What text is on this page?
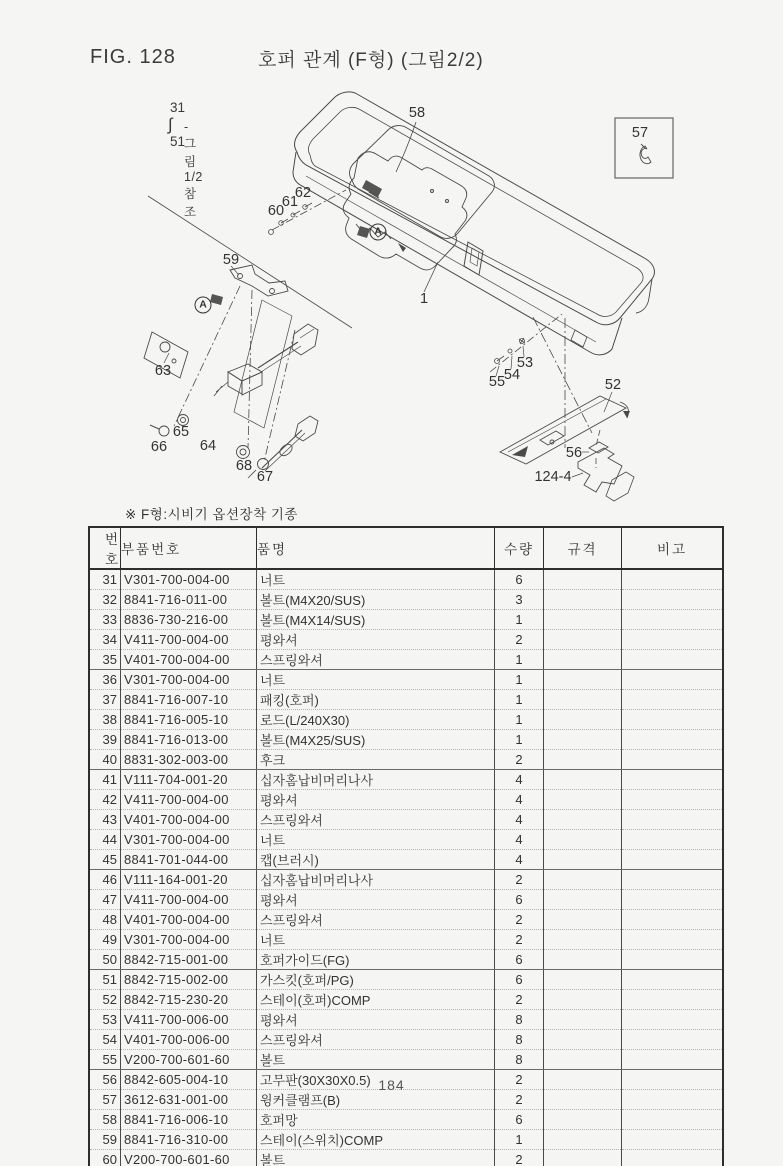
FIG. 128	호퍼 관계 (F형) (그림2/2)
31
∫
51
- 그림1/2참조
58
62
61
60
A
59
A
63
66
65
64
68
67
1
55
54
53
52
56
124-4
57
※ F형:시비기 옵션장착 기종
번호	부품번호	품명	수량	규격	비고
31	V301-700-004-00	너트	6		
32	8841-716-011-00	볼트(M4X20/SUS)	3		
33	8836-730-216-00	볼트(M4X14/SUS)	1		
34	V411-700-004-00	평와셔	2		
35	V401-700-004-00	스프링와셔	1		
36	V301-700-004-00	너트	1		
37	8841-716-007-10	패킹(호퍼)	1		
38	8841-716-005-10	로드(L/240X30)	1		
39	8841-716-013-00	볼트(M4X25/SUS)	1		
40	8831-302-003-00	후크	2		
41	V111-704-001-20	십자홈납비머리나사	4		
42	V411-700-004-00	평와셔	4		
43	V401-700-004-00	스프링와셔	4		
44	V301-700-004-00	너트	4		
45	8841-701-044-00	캡(브러시)	4		
46	V111-164-001-20	십자홈납비머리나사	2		
47	V411-700-004-00	평와셔	6		
48	V401-700-004-00	스프링와셔	2		
49	V301-700-004-00	너트	2		
50	8842-715-001-00	호퍼가이드(FG)	6		
51	8842-715-002-00	가스킷(호퍼/PG)	6		
52	8842-715-230-20	스테이(호퍼)COMP	2		
53	V411-700-006-00	평와셔	8		
54	V401-700-006-00	스프링와셔	8		
55	V200-700-601-60	볼트	8		
56	8842-605-004-10	고무판(30X30X0.5)	2		
57	3612-631-001-00	윙커클램프(B)	2		
58	8841-716-006-10	호퍼망	6		
59	8841-716-310-00	스테이(스위치)COMP	1		
60	V200-700-601-60	볼트	2		
184
